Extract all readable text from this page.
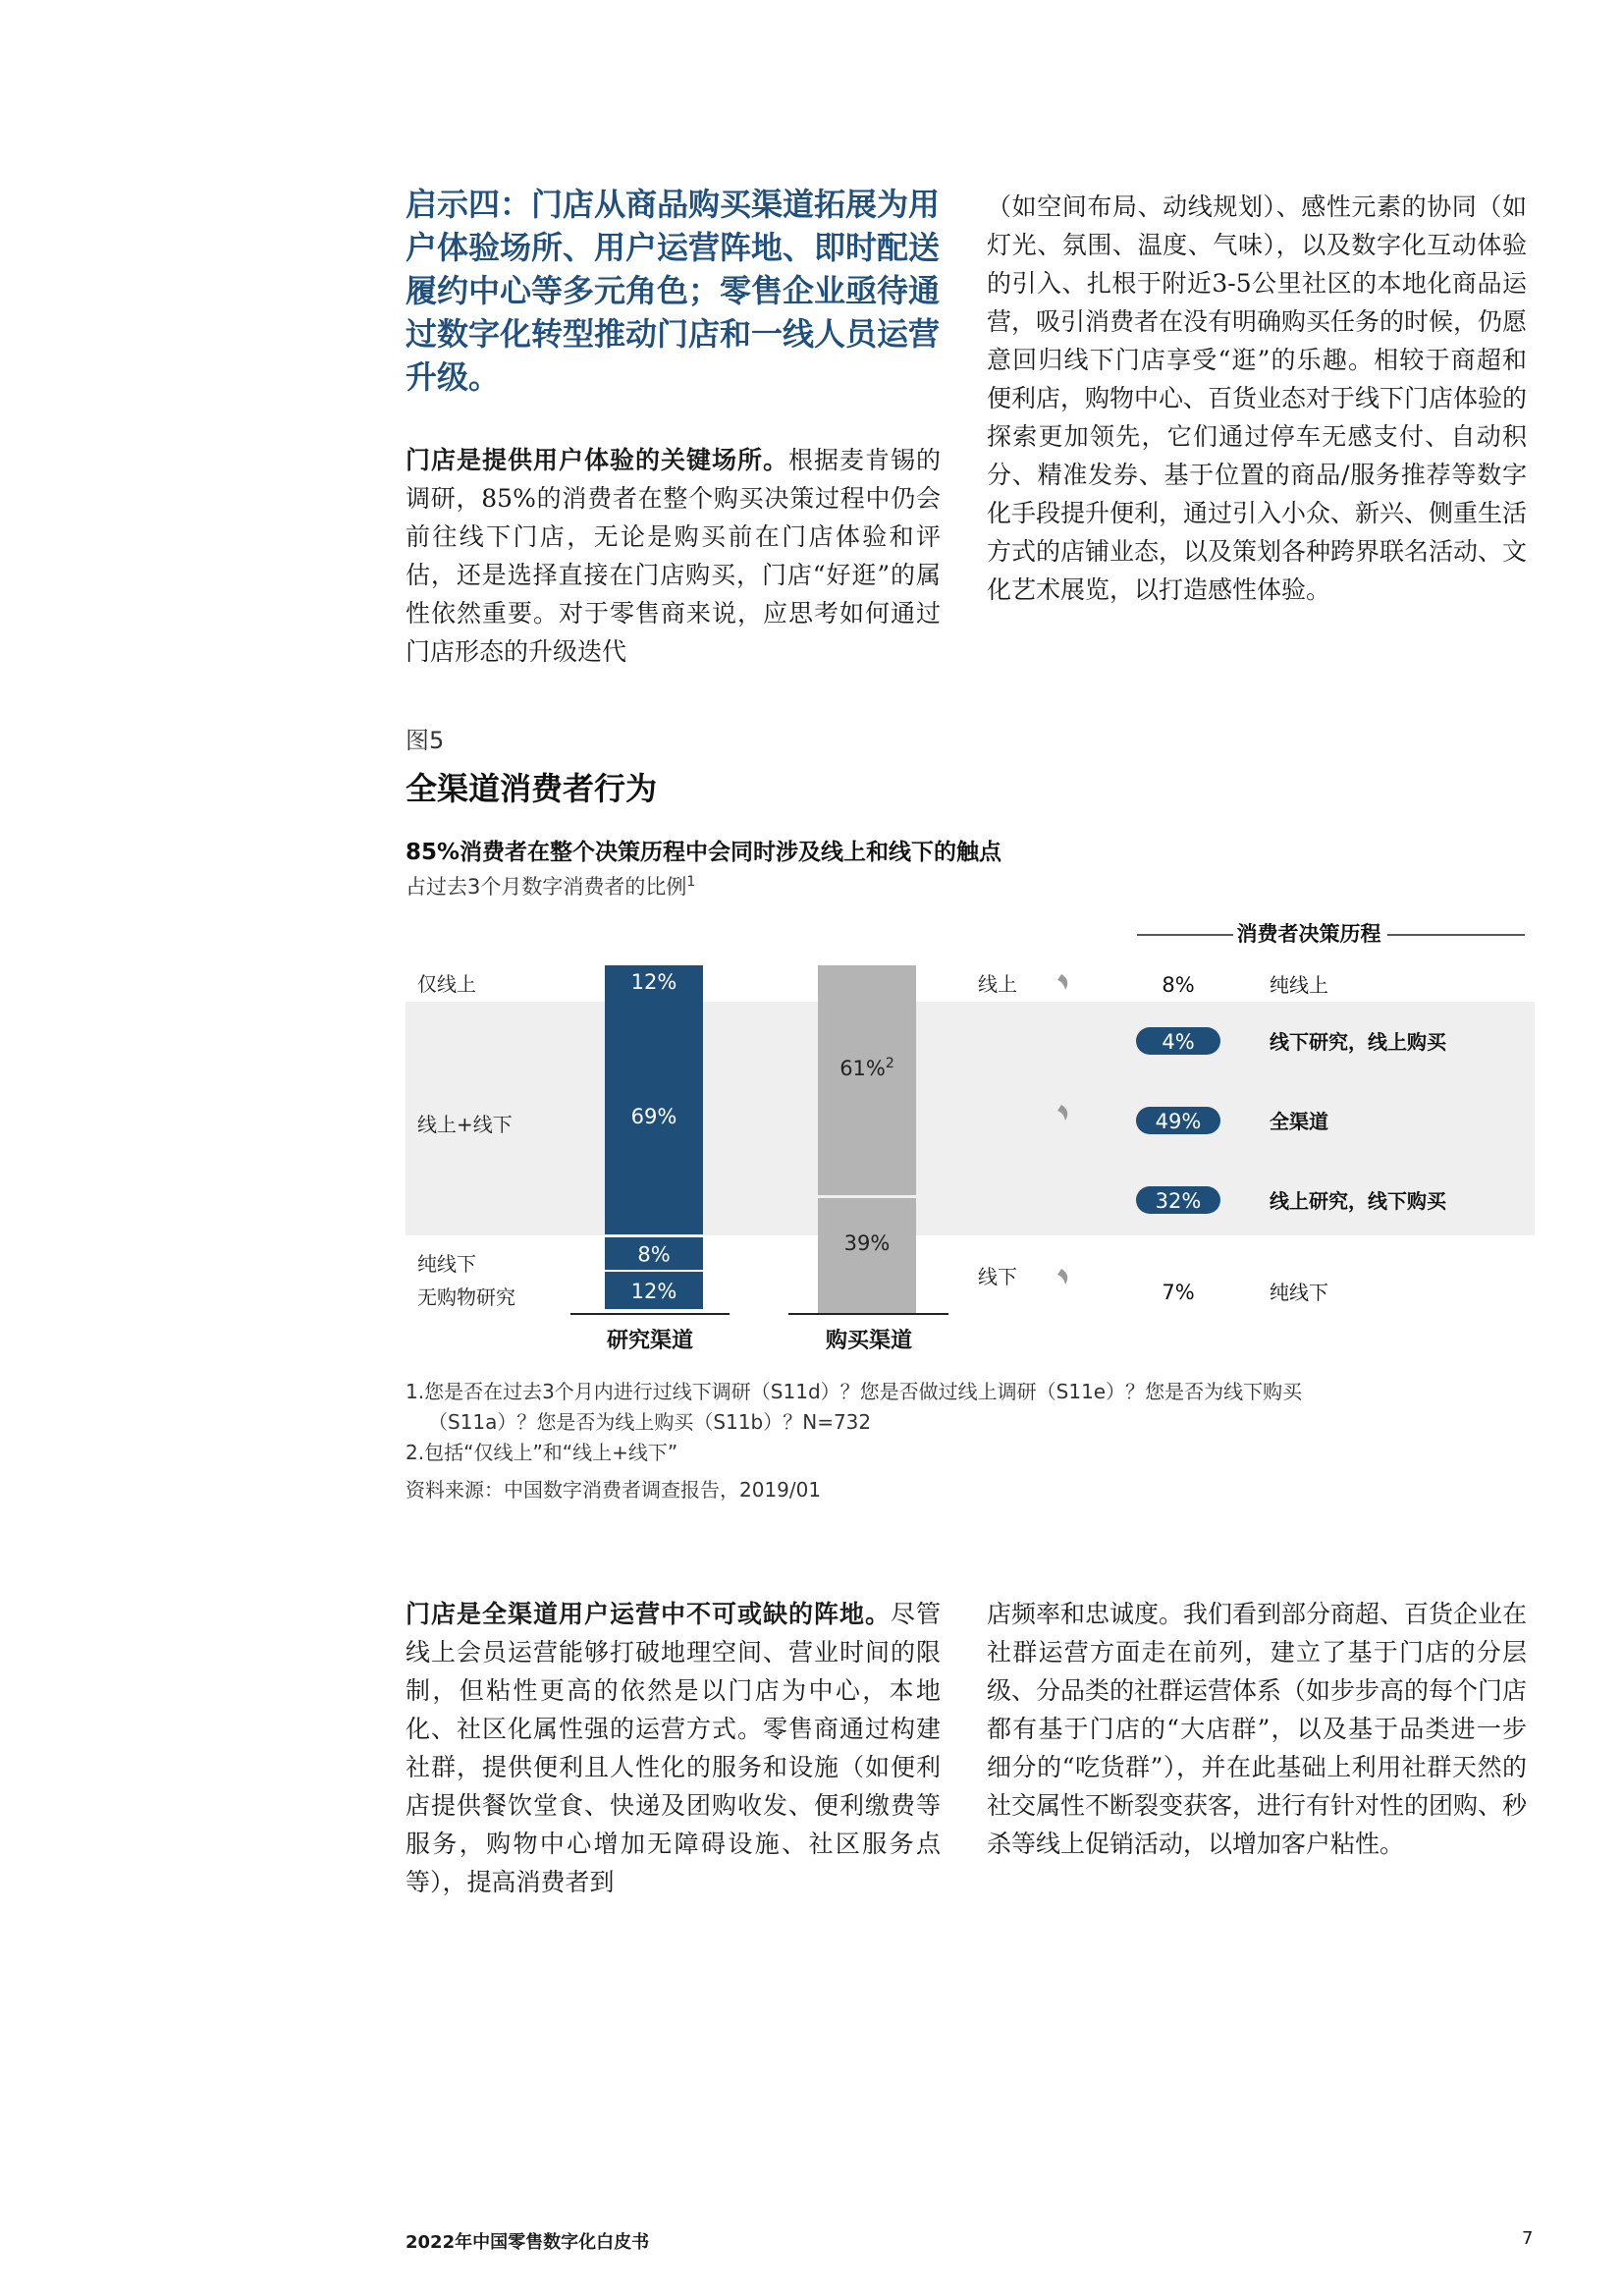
启示四：门店从商品购买渠道拓展为用户体验场所、用户运营阵地、即时配送履约中心等多元角色；零售企业亟待通过数字化转型推动门店和一线人员运营升级。
门店是提供用户体验的关键场所。根据麦肯锡的调研，85%的消费者在整个购买决策过程中仍会前往线下门店，无论是购买前在门店体验和评估，还是选择直接在门店购买，门店“好逛”的属性依然重要。对于零售商来说，应思考如何通过门店形态的升级迭代
（如空间布局、动线规划）、感性元素的协同（如灯光、氛围、温度、气味），以及数字化互动体验的引入、扎根于附近3-5公里社区的本地化商品运营，吸引消费者在没有明确购买任务的时候，仍愿意回归线下门店享受“逛”的乐趣。相较于商超和便利店，购物中心、百货业态对于线下门店体验的探索更加领先，它们通过停车无感支付、自动积分、精准发券、基于位置的商品/服务推荐等数字化手段提升便利，通过引入小众、新兴、侧重生活方式的店铺业态，以及策划各种跨界联名活动、文化艺术展览，以打造感性体验。
图5
全渠道消费者行为
85%消费者在整个决策历程中会同时涉及线上和线下的触点
占过去3个月数字消费者的比例$^1$
消费者决策历程
仅线上
线上+线下
纯线下
无购物研究
12%
69%
8%
12%
61%$^2$
39%
研究渠道	购买渠道
线上
线下
8%	纯线上
4%	线下研究，线上购买
49%	全渠道
32%	线上研究，线下购买
7%	纯线下
1.您是否在过去3个月内进行过线下调研（S11d）？您是否做过线上调研（S11e）？您是否为线下购买
（S11a）？您是否为线上购买（S11b）？N=732
2.包括“仅线上”和“线上+线下”
资料来源：中国数字消费者调查报告，2019/01
门店是全渠道用户运营中不可或缺的阵地。尽管线上会员运营能够打破地理空间、营业时间的限制，但粘性更高的依然是以门店为中心，本地化、社区化属性强的运营方式。零售商通过构建社群，提供便利且人性化的服务和设施（如便利店提供餐饮堂食、快递及团购收发、便利缴费等服务，购物中心增加无障碍设施、社区服务点等），提高消费者到
店频率和忠诚度。我们看到部分商超、百货企业在社群运营方面走在前列，建立了基于门店的分层级、分品类的社群运营体系（如步步高的每个门店都有基于门店的“大店群”，以及基于品类进一步细分的“吃货群”），并在此基础上利用社群天然的社交属性不断裂变获客，进行有针对性的团购、秒杀等线上促销活动，以增加客户粘性。
2022年中国零售数字化白皮书	7
